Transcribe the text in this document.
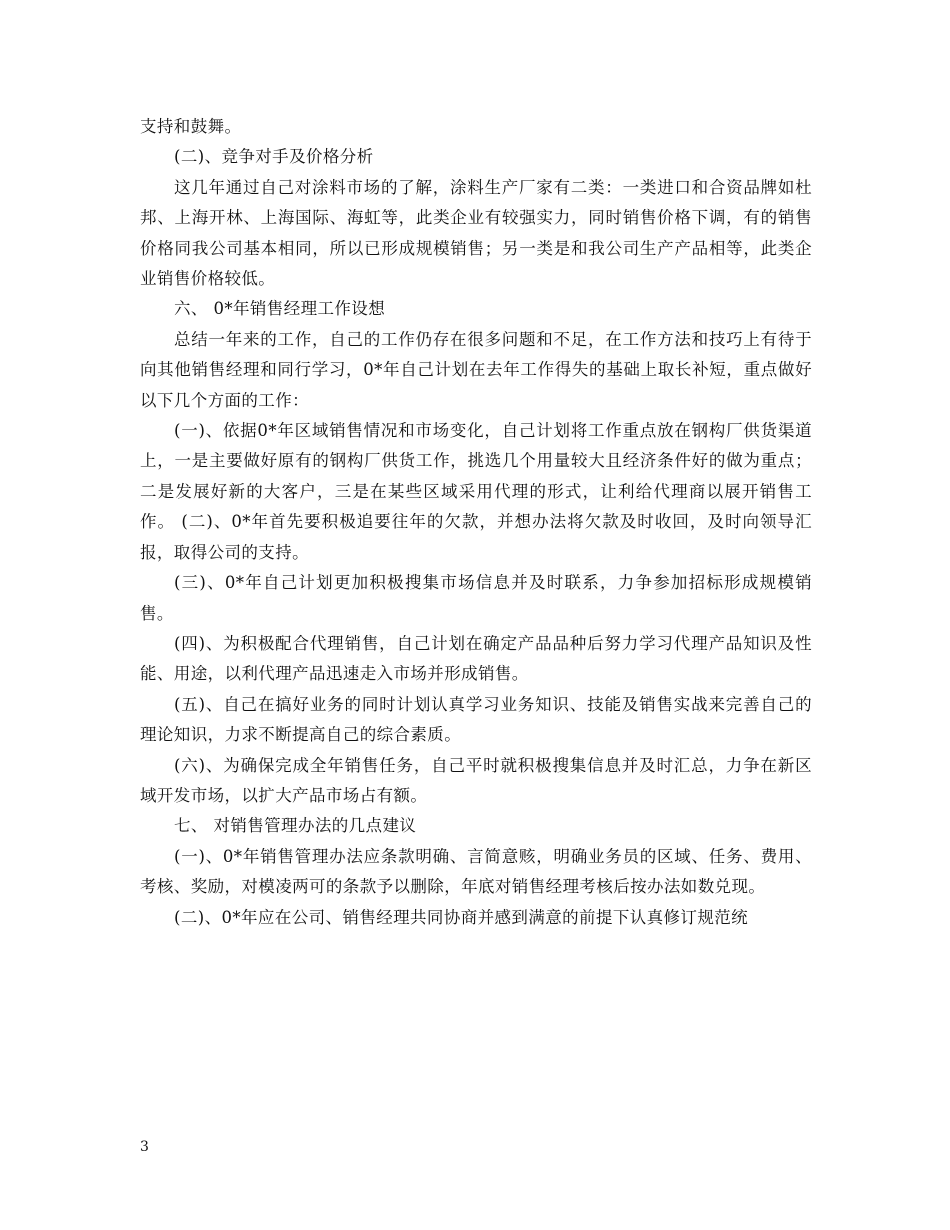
支持和鼓舞。

(二)、竞争对手及价格分析

这几年通过自己对涂料市场的了解，涂料生产厂家有二类：一类进口和合资品牌如杜邦、上海开林、上海国际、海虹等，此类企业有较强实力，同时销售价格下调，有的销售价格同我公司基本相同，所以已形成规模销售；另一类是和我公司生产产品相等，此类企业销售价格较低。

六、 0*年销售经理工作设想

总结一年来的工作，自己的工作仍存在很多问题和不足，在工作方法和技巧上有待于向其他销售经理和同行学习，0*年自己计划在去年工作得失的基础上取长补短，重点做好以下几个方面的工作：

(一)、依据0*年区域销售情况和市场变化，自己计划将工作重点放在钢构厂供货渠道上，一是主要做好原有的钢构厂供货工作，挑选几个用量较大且经济条件好的做为重点；二是发展好新的大客户，三是在某些区域采用代理的形式，让利给代理商以展开销售工作。 (二)、0*年首先要积极追要往年的欠款，并想办法将欠款及时收回，及时向领导汇报，取得公司的支持。

(三)、0*年自己计划更加积极搜集市场信息并及时联系，力争参加招标形成规模销售。

(四)、为积极配合代理销售，自己计划在确定产品品种后努力学习代理产品知识及性能、用途，以利代理产品迅速走入市场并形成销售。

(五)、自己在搞好业务的同时计划认真学习业务知识、技能及销售实战来完善自己的理论知识，力求不断提高自己的综合素质。

(六)、为确保完成全年销售任务，自己平时就积极搜集信息并及时汇总，力争在新区域开发市场，以扩大产品市场占有额。

七、 对销售管理办法的几点建议

(一)、0*年销售管理办法应条款明确、言简意赅，明确业务员的区域、任务、费用、考核、奖励，对模凌两可的条款予以删除，年底对销售经理考核后按办法如数兑现。

(二)、0*年应在公司、销售经理共同协商并感到满意的前提下认真修订规范统

3
